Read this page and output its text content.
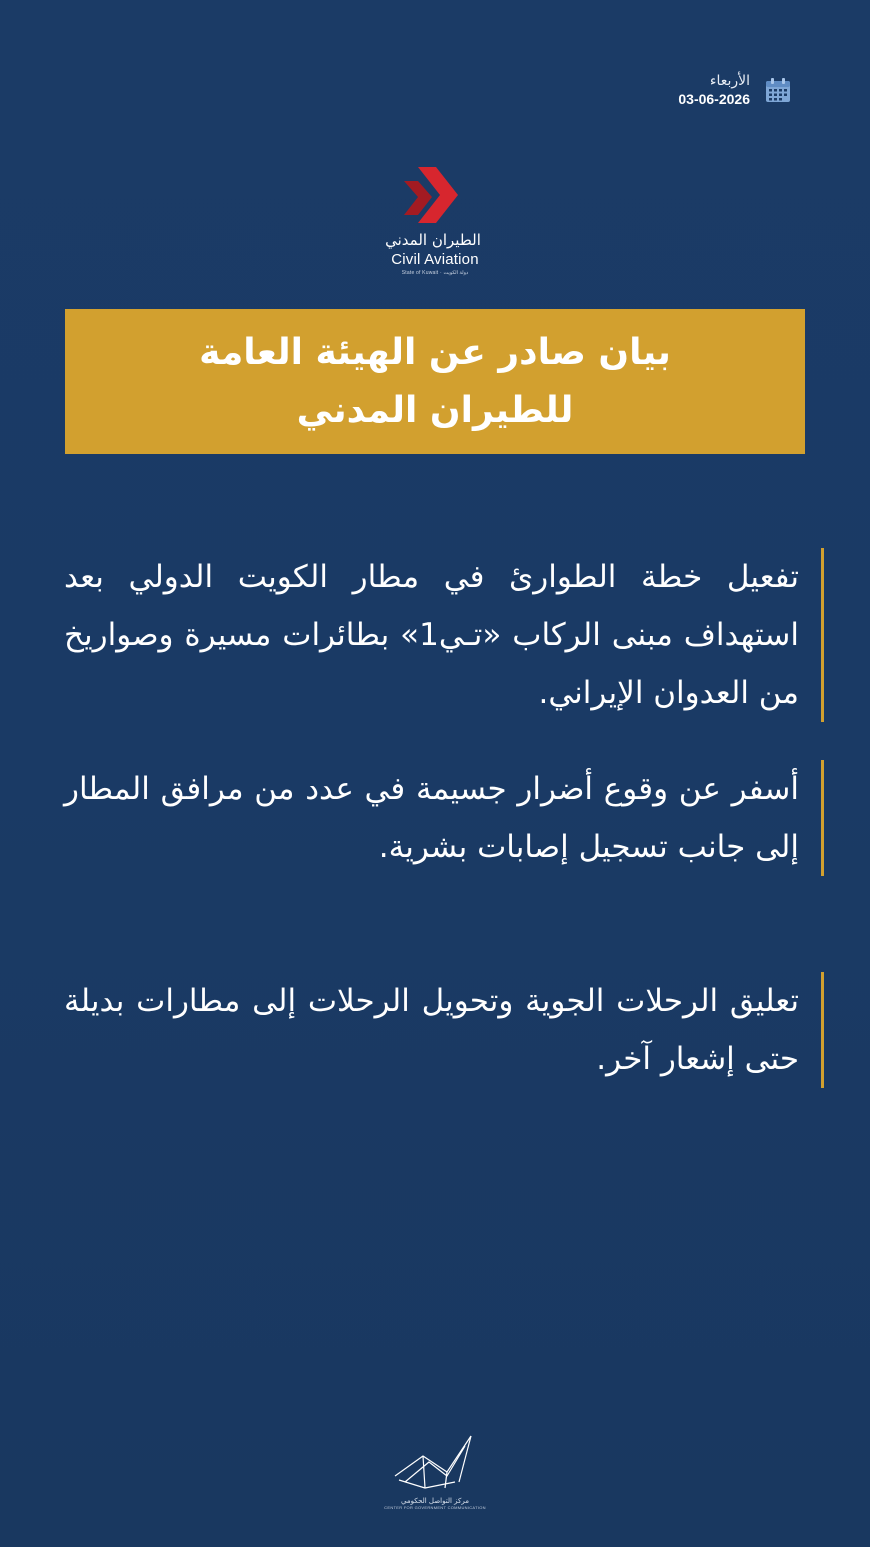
الأربعاء
03-06-2026
الطيران المدني
Civil Aviation
State of Kuwait · دولة الكويت
بيان صادر عن الهيئة العامة للطيران المدني

تفعيل خطة الطوارئ في مطار الكويت الدولي بعد استهداف مبنى الركاب «تـي1» بطائرات مسيرة وصواريخ من العدوان الإيراني.

أسفر عن وقوع أضرار جسيمة في عدد من مرافق المطار إلى جانب تسجيل إصابات بشرية.

تعليق الرحلات الجوية وتحويل الرحلات إلى مطارات بديلة حتى إشعار آخر.

مركز التواصل الحكومي
CENTER FOR GOVERNMENT COMMUNICATION
